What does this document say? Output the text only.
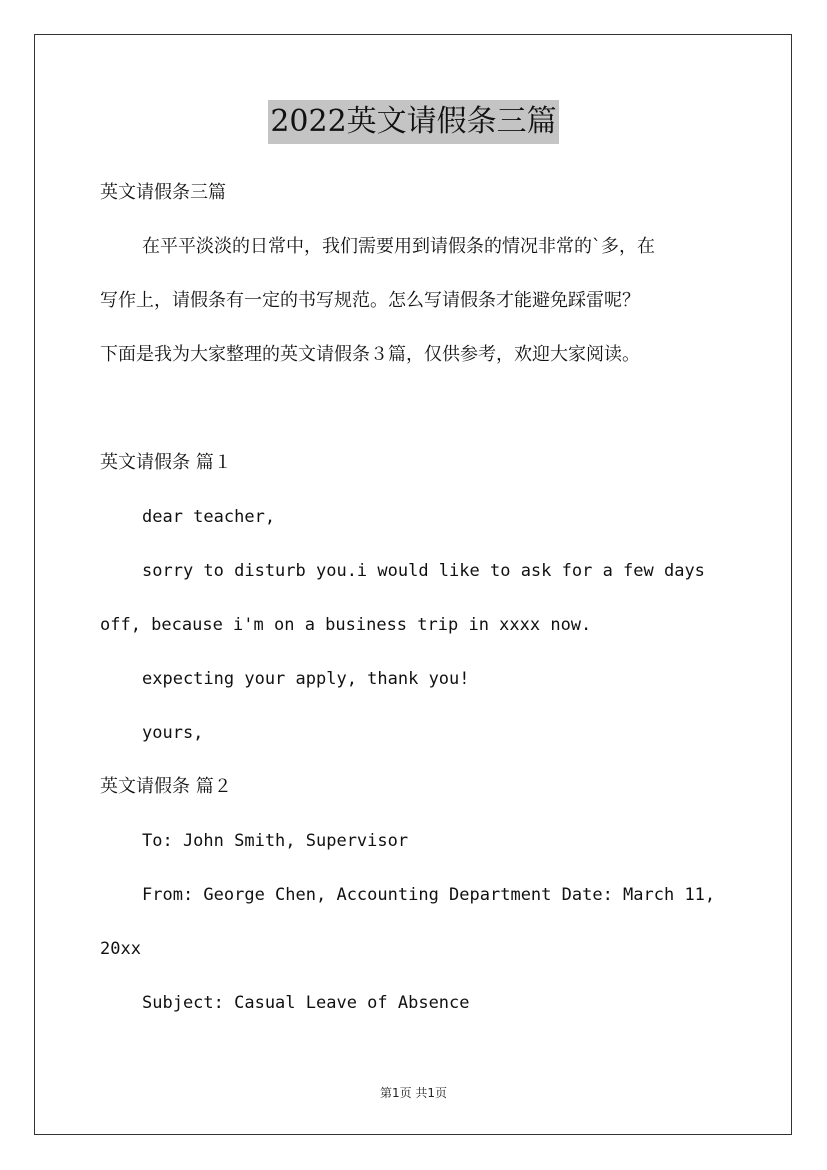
2022英文请假条三篇
英文请假条三篇
在平平淡淡的日常中，我们需要用到请假条的情况非常的`多，在
写作上，请假条有一定的书写规范。怎么写请假条才能避免踩雷呢？
下面是我为大家整理的英文请假条３篇，仅供参考，欢迎大家阅读。
英文请假条 篇１
dear teacher,
sorry to disturb you.i would like to ask for a few days
off, because i'm on a business trip in xxxx now.
expecting your apply, thank you!
yours,
英文请假条 篇２
To: John Smith, Supervisor
From: George Chen, Accounting Department Date: March 11,
20xx
Subject: Casual Leave of Absence
第1页 共1页
